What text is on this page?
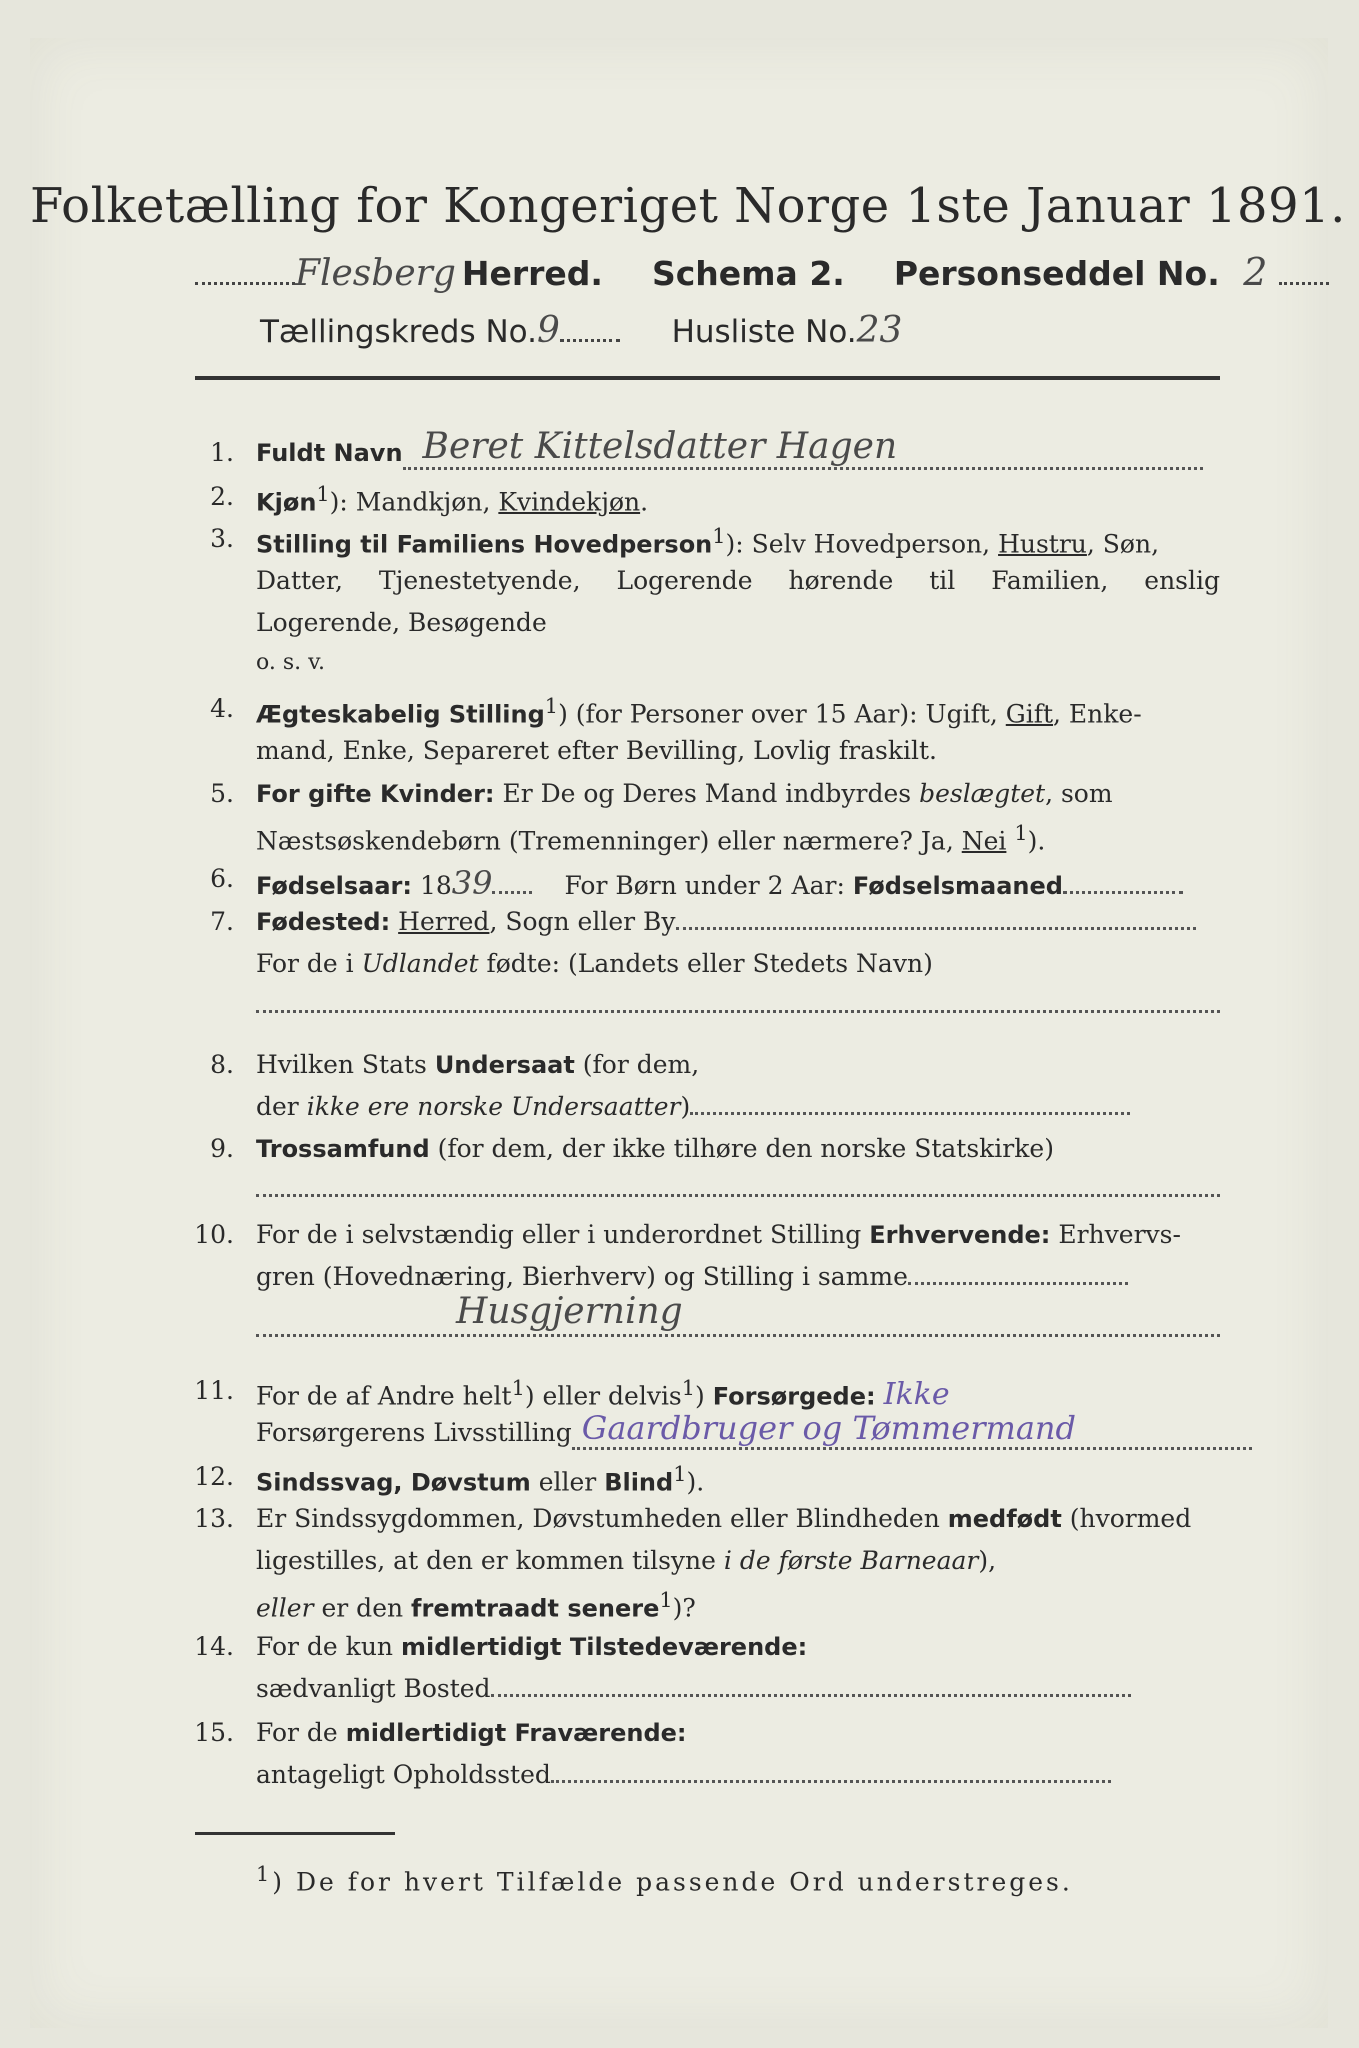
Folketælling for Kongeriget Norge 1ste Januar 1891.
Flesberg Herred. Schema 2. Personseddel No. 2
Tællingskreds No.9	Husliste No.23
1. Fuldt Navn Beret Kittelsdatter Hagen

2. Kjøn$^1$): Mandkjøn, Kvindekjøn.
3. Stilling til Familiens Hovedperson$^1$): Selv Hovedperson, Hustru, Søn,
Datter, Tjenestetyende, Logerende hørende til Familien, enslig
Logerende, Besøgende
o. s. v.
4. Ægteskabelig Stilling$^1$) (for Personer over 15 Aar): Ugift, Gift, Enke-
mand, Enke, Separeret efter Bevilling, Lovlig fraskilt.
5. For gifte Kvinder: Er De og Deres Mand indbyrdes beslægtet, som
Næstsøskendebørn (Tremenninger) eller nærmere? Ja, Nei $^1$).
6. Fødselsaar: 1839	For Børn under 2 Aar: Fødselsmaaned
7. Fødested: Herred, Sogn eller By
For de i Udlandet fødte: (Landets eller Stedets Navn)
8. Hvilken Stats Undersaat (for dem,
der ikke ere norske Undersaatter)
9. Trossamfund (for dem, der ikke tilhøre den norske Statskirke)
10. For de i selvstændig eller i underordnet Stilling Erhvervende: Erhvervs-
gren (Hovednæring, Bierhverv) og Stilling i samme
Husgjerning
11. For de af Andre helt$^1$) eller delvis$^1$) Forsørgede: Ikke
Forsørgerens Livsstilling Gaardbruger og Tømmermand

12. Sindssvag, Døvstum eller Blind$^1$).
13. Er Sindssygdommen, Døvstumheden eller Blindheden medfødt (hvormed
ligestilles, at den er kommen tilsyne i de første Barneaar),
eller er den fremtraadt senere$^1$)?
14. For de kun midlertidigt Tilstedeværende:
sædvanligt Bosted
15. For de midlertidigt Fraværende:
antageligt Opholdssted
$^1$) De for hvert Tilfælde passende Ord understreges.
